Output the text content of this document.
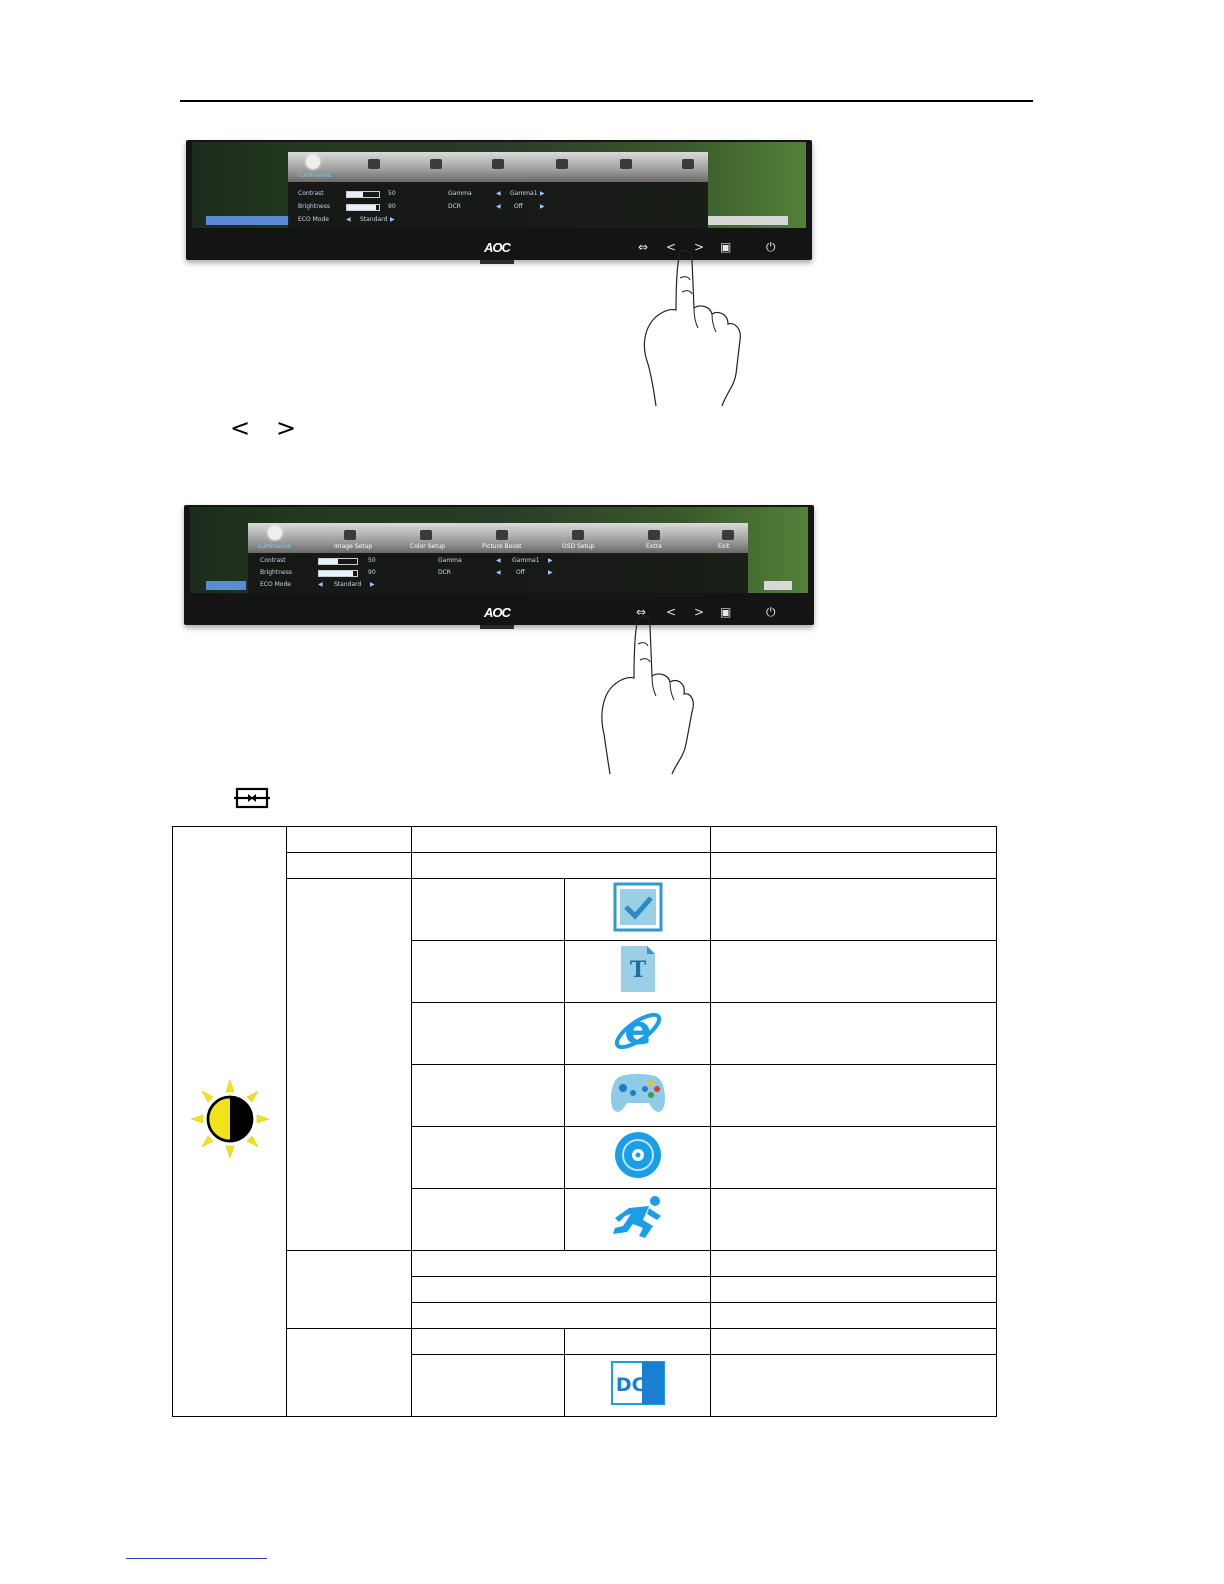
Luminance
Contrast	50
Brightness	90
ECO Mode	◀ Standard ▶
Gamma	◀ Gamma1 ▶
DCR	◀ Off	▶
AOC	⇔ < > ▣	⏻
< >
Luminance	Image Setup	Color Setup	Picture Boost	OSD Setup	Extra	Exit
Contrast	50
Brightness	90
ECO Mode	◀ Standard ▶
Gamma	◀ Gamma1 ▶
DCR	◀	Off	▶
AOC	⇔ < > ▣	⏻

T	

e	

DCR	
